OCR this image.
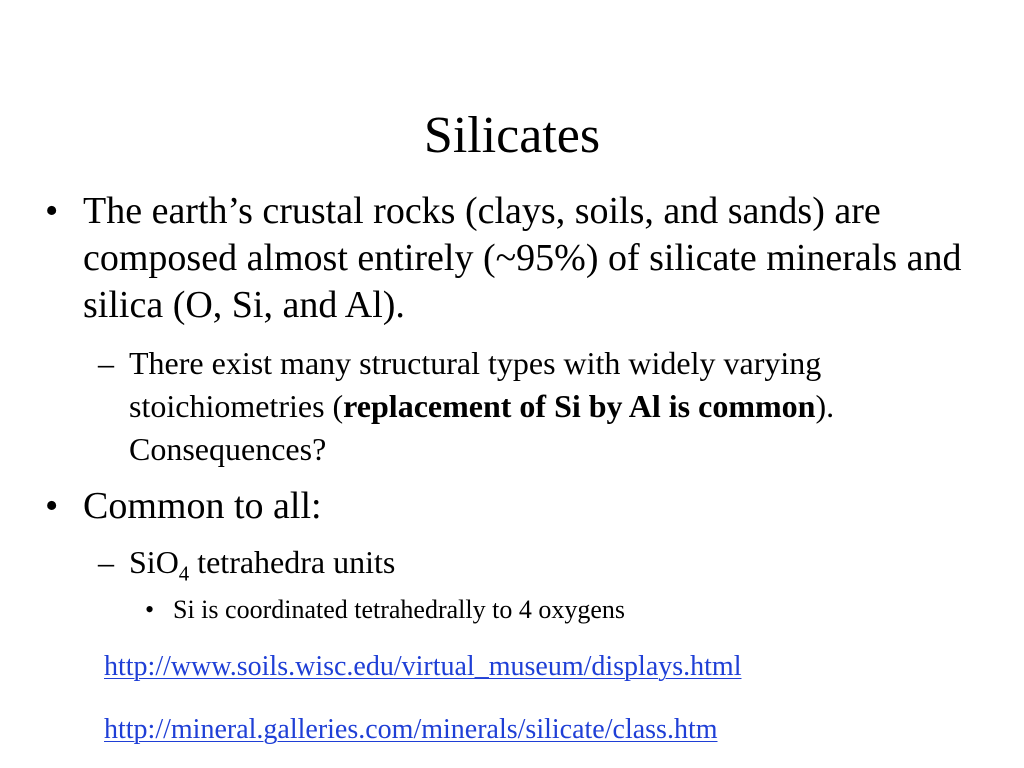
Silicates
• The earth’s crustal rocks (clays, soils, and sands) are composed almost entirely (~95%) of silicate minerals and silica (O, Si, and Al).
– There exist many structural types with widely varying stoichiometries (replacement of Si by Al is common). Consequences?
• Common to all:
– SiO$_4$ tetrahedra units
• Si is coordinated tetrahedrally to 4 oxygens
http://www.soils.wisc.edu/virtual_museum/displays.html
http://mineral.galleries.com/minerals/silicate/class.htm
